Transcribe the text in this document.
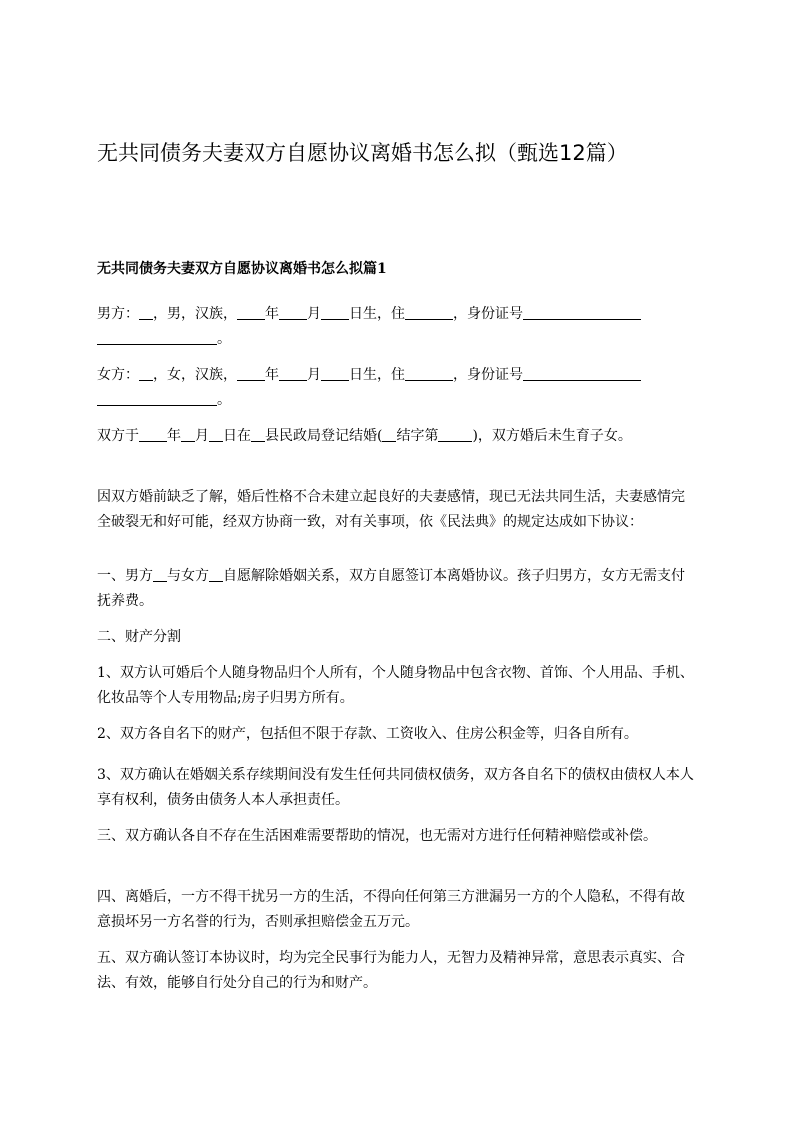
无共同债务夫妻双方自愿协议离婚书怎么拟（甄选12篇）
无共同债务夫妻双方自愿协议离婚书怎么拟篇1

男方： ，男，汉族， 年 月 日生，住	，身份证号。

女方： ，女，汉族， 年 月 日生，住	，身份证号。

双方于 年 月 日在 县民政局登记结婚( 结字第 )，双方婚后未生育子女。

因双方婚前缺乏了解，婚后性格不合未建立起良好的夫妻感情，现已无法共同生活，夫妻感情完全破裂无和好可能，经双方协商一致，对有关事项，依《民法典》的规定达成如下协议：

一、男方 与女方 自愿解除婚姻关系，双方自愿签订本离婚协议。孩子归男方，女方无需支付抚养费。

二、财产分割

1、双方认可婚后个人随身物品归个人所有，个人随身物品中包含衣物、首饰、个人用品、手机、化妆品等个人专用物品;房子归男方所有。

2、双方各自名下的财产，包括但不限于存款、工资收入、住房公积金等，归各自所有。

3、双方确认在婚姻关系存续期间没有发生任何共同债权债务，双方各自名下的债权由债权人本人享有权利，债务由债务人本人承担责任。

三、双方确认各自不存在生活困难需要帮助的情况，也无需对方进行任何精神赔偿或补偿。

四、离婚后，一方不得干扰另一方的生活，不得向任何第三方泄漏另一方的个人隐私，不得有故意损坏另一方名誉的行为，否则承担赔偿金五万元。

五、双方确认签订本协议时，均为完全民事行为能力人，无智力及精神异常，意思表示真实、合法、有效，能够自行处分自己的行为和财产。
